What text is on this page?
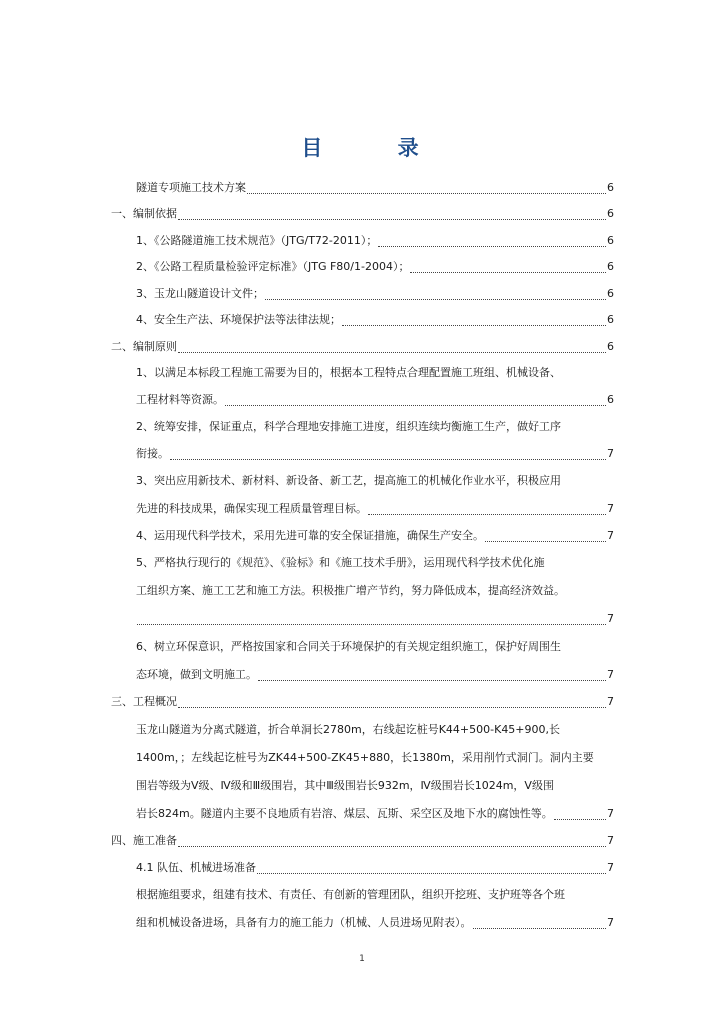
目 录
隧道专项施工技术方案	6
一、编制依据	6
1、《公路隧道施工技术规范》（JTG/T72-2011）；	6
2、《公路工程质量检验评定标准》（JTG F80/1-2004）；	6
3、玉龙山隧道设计文件；	6
4、安全生产法、环境保护法等法律法规；	6
二、编制原则	6
1、以满足本标段工程施工需要为目的，根据本工程特点合理配置施工班组、机械设备、
工程材料等资源。	6
2、统筹安排，保证重点，科学合理地安排施工进度，组织连续均衡施工生产，做好工序
衔接。	7
3、突出应用新技术、新材料、新设备、新工艺，提高施工的机械化作业水平，积极应用
先进的科技成果，确保实现工程质量管理目标。	7
4、运用现代科学技术，采用先进可靠的安全保证措施，确保生产安全。	7
5、严格执行现行的《规范》、《验标》和《施工技术手册》，运用现代科学技术优化施
工组织方案、施工工艺和施工方法。积极推广增产节约，努力降低成本，提高经济效益。
7
6、树立环保意识，严格按国家和合同关于环境保护的有关规定组织施工，保护好周围生
态环境，做到文明施工。	7
三、工程概况	7
玉龙山隧道为分离式隧道，折合单洞长2780m，右线起讫桩号K44+500-K45+900,长
1400m，；左线起讫桩号为ZK44+500-ZK45+880，长1380m，采用削竹式洞门。洞内主要
围岩等级为Ⅴ级、Ⅳ级和Ⅲ级围岩，其中Ⅲ级围岩长932m，Ⅳ级围岩长1024m，Ⅴ级围
岩长824m。隧道内主要不良地质有岩溶、煤层、瓦斯、采空区及地下水的腐蚀性等。	7
四、施工准备	7
4.1 队伍、机械进场准备	7
根据施组要求，组建有技术、有责任、有创新的管理团队，组织开挖班、支护班等各个班
组和机械设备进场，具备有力的施工能力（机械、人员进场见附表）。	7
1
